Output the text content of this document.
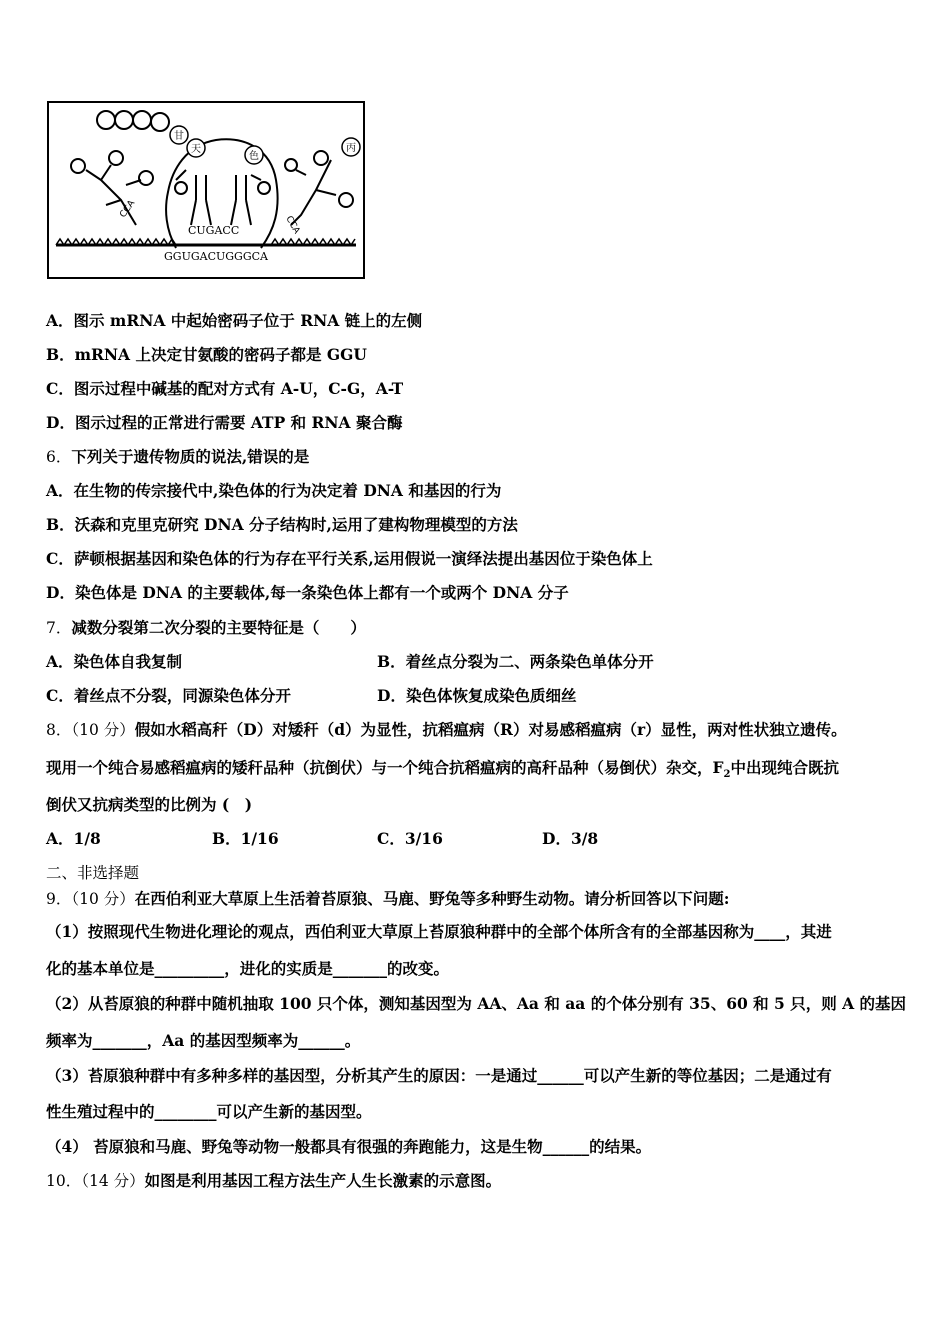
甘
天
色
丙
CCA
CCA
CUGACC
GGUGACUGGGCA
A．图示 mRNA 中起始密码子位于 RNA 链上的左侧
B．mRNA 上决定甘氨酸的密码子都是 GGU
C．图示过程中碱基的配对方式有 A-U，C-G，A-T
D．图示过程的正常进行需要 ATP 和 RNA 聚合酶
6．下列关于遗传物质的说法,错误的是
A．在生物的传宗接代中,染色体的行为决定着 DNA 和基因的行为
B．沃森和克里克研究 DNA 分子结构时,运用了建构物理模型的方法
C．萨顿根据基因和染色体的行为存在平行关系,运用假说一演绎法提出基因位于染色体上
D．染色体是 DNA 的主要载体,每一条染色体上都有一个或两个 DNA 分子
7．减数分裂第二次分裂的主要特征是（　　）
A．染色体自我复制	B．着丝点分裂为二、两条染色单体分开
C．着丝点不分裂，同源染色体分开	D．染色体恢复成染色质细丝
8．（10 分）假如水稻高秆（D）对矮秆（d）为显性，抗稻瘟病（R）对易感稻瘟病（r）显性，两对性状独立遗传。
现用一个纯合易感稻瘟病的矮秆品种（抗倒伏）与一个纯合抗稻瘟病的高秆品种（易倒伏）杂交，$F_2$中出现纯合既抗
倒伏又抗病类型的比例为 (　)
A．1/8	B．1/16	C．3/16	D．3/8
二、非选择题
9．（10 分）在西伯利亚大草原上生活着苔原狼、马鹿、野兔等多种野生动物。请分析回答以下问题:
（1）按照现代生物进化理论的观点，西伯利亚大草原上苔原狼种群中的全部个体所含有的全部基因称为____，其进
化的基本单位是_________，进化的实质是_______的改变。
（2）从苔原狼的种群中随机抽取 100 只个体，测知基因型为 AA、Aa 和 aa 的个体分别有 35、60 和 5 只，则 A 的基因
频率为_______，Aa 的基因型频率为______。
（3）苔原狼种群中有多种多样的基因型，分析其产生的原因：一是通过______可以产生新的等位基因；二是通过有
性生殖过程中的________可以产生新的基因型。
（4） 苔原狼和马鹿、野兔等动物一般都具有很强的奔跑能力，这是生物______的结果。
10．（14 分）如图是利用基因工程方法生产人生长激素的示意图。
